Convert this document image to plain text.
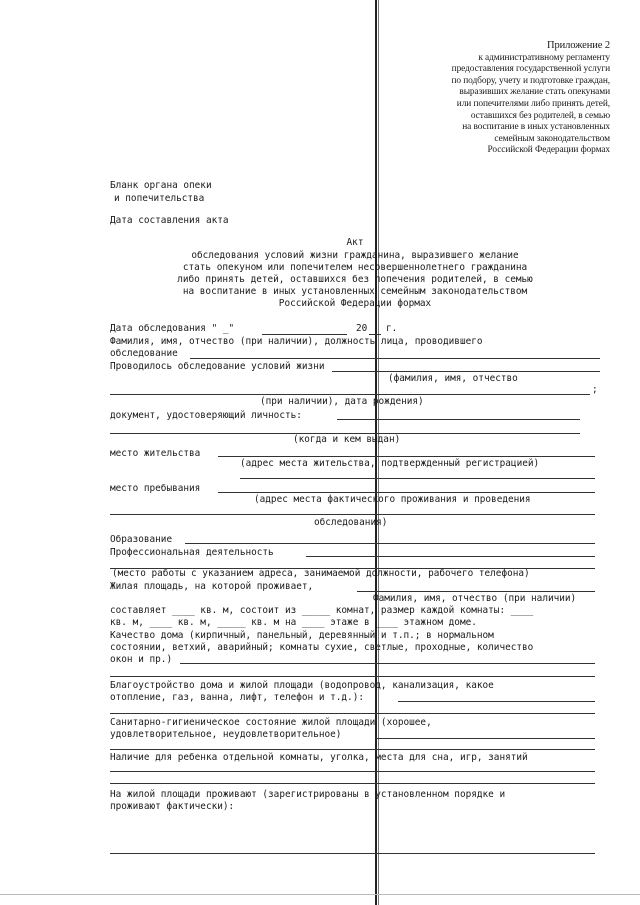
Приложение 2
к административному регламенту
предоставления государственной услуги
по подбору, учету и подготовке граждан,
выразивших желание стать опекунами
или попечителями либо принять детей,
оставшихся без родителей, в семью
на воспитание в иных установленных
семейным законодательством
Российской Федерации формах
Бланк органа опеки
и попечительства
Дата составления акта
Акт
обследования условий жизни гражданина, выразившего желание
стать опекуном или попечителем несовершеннолетнего гражданина
либо принять детей, оставшихся без попечения родителей, в семью
на воспитание в иных установленных семейным законодательством
Российской Федерации формах
Дата обследования " _"	20 г.
Фамилия, имя, отчество (при наличии), должность лица, проводившего
обследование
Проводилось обследование условий жизни
(фамилия, имя, отчество
;
(при наличии), дата рождения)
документ, удостоверяющий личность:
(когда и кем выдан)
место жительства
(адрес места жительства, подтвержденный регистрацией)
место пребывания
(адрес места фактического проживания и проведения
обследования)
Образование
Профессиональная деятельность
(место работы с указанием адреса, занимаемой должности, рабочего телефона)
Жилая площадь, на которой проживает,
Фамилия, имя, отчество (при наличии)
составляет ____ кв. м, состоит из _____ комнат, размер каждой комнаты: ____
кв. м, ____ кв. м, _____ кв. м на ____ этаже в ____ этажном доме.
Качество дома (кирпичный, панельный, деревянный и т.п.; в нормальном
состоянии, ветхий, аварийный; комнаты сухие, светлые, проходные, количество
окон и пр.)
Благоустройство дома и жилой площади (водопровод, канализация, какое
отопление, газ, ванна, лифт, телефон и т.д.):
Санитарно-гигиеническое состояние жилой площади (хорошее,
удовлетворительное, неудовлетворительное)
Наличие для ребенка отдельной комнаты, уголка, места для сна, игр, занятий
На жилой площади проживают (зарегистрированы в установленном порядке и
проживают фактически):
